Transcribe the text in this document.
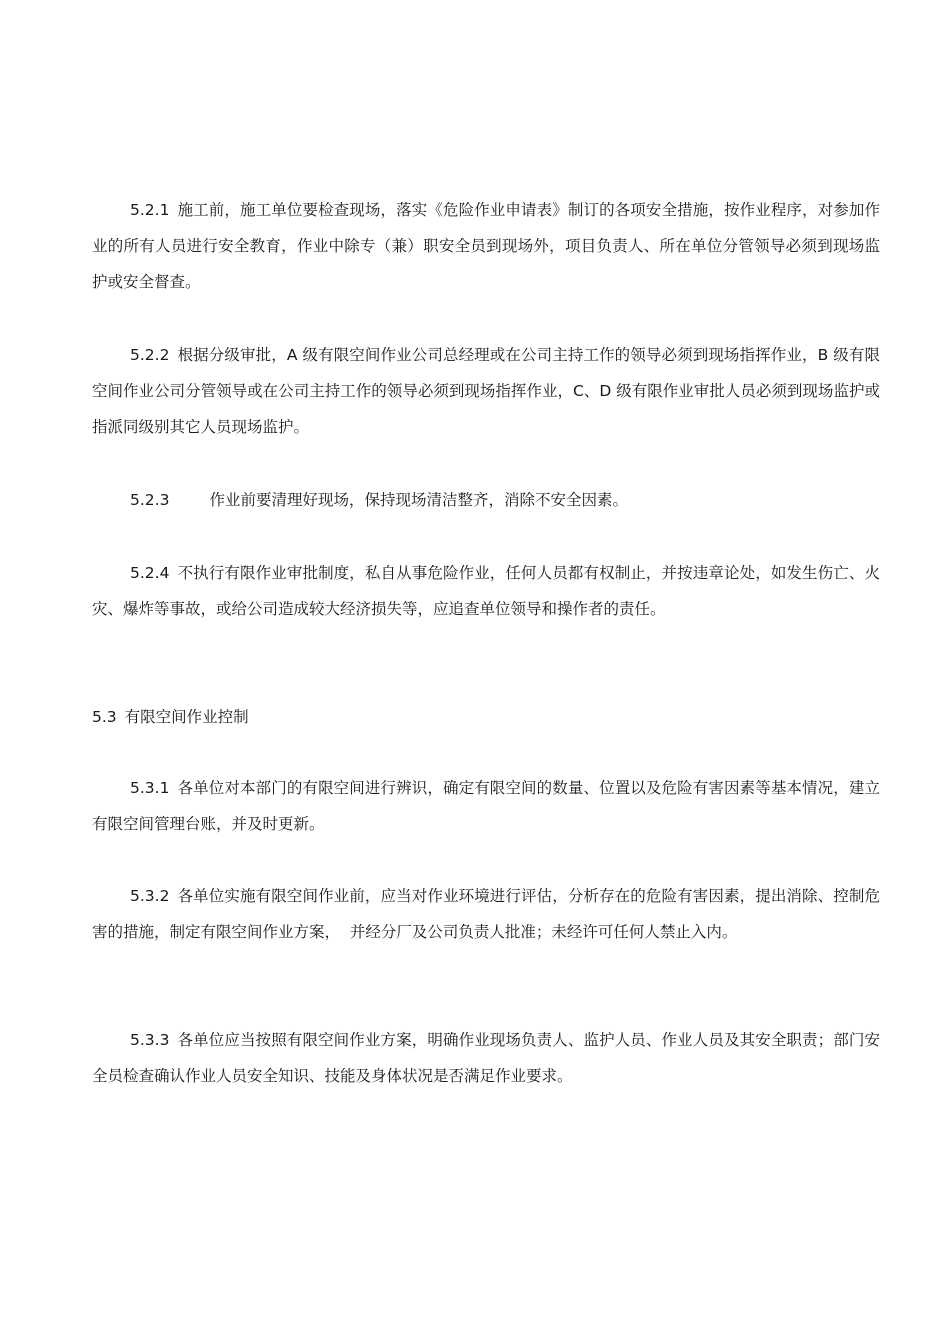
5.2.1 施工前，施工单位要检查现场，落实《危险作业申请表》制订的各项安全措施，按作业程序，对参加作业的所有人员进行安全教育，作业中除专（兼）职安全员到现场外，项目负责人、所在单位分管领导必须到现场监护或安全督查。

5.2.2 根据分级审批，A 级有限空间作业公司总经理或在公司主持工作的领导必须到现场指挥作业，B 级有限空间作业公司分管领导或在公司主持工作的领导必须到现场指挥作业，C、D 级有限作业审批人员必须到现场监护或指派同级别其它人员现场监护。

5.2.3	作业前要清理好现场，保持现场清洁整齐，消除不安全因素。

5.2.4 不执行有限作业审批制度，私自从事危险作业，任何人员都有权制止，并按违章论处，如发生伤亡、火灾、爆炸等事故，或给公司造成较大经济损失等，应追查单位领导和操作者的责任。

5.3 有限空间作业控制

5.3.1 各单位对本部门的有限空间进行辨识，确定有限空间的数量、位置以及危险有害因素等基本情况，建立有限空间管理台账，并及时更新。

5.3.2 各单位实施有限空间作业前，应当对作业环境进行评估，分析存在的危险有害因素，提出消除、控制危害的措施，制定有限空间作业方案，  并经分厂及公司负责人批准；未经许可任何人禁止入内。

5.3.3 各单位应当按照有限空间作业方案，明确作业现场负责人、监护人员、作业人员及其安全职责；部门安全员检查确认作业人员安全知识、技能及身体状况是否满足作业要求。
